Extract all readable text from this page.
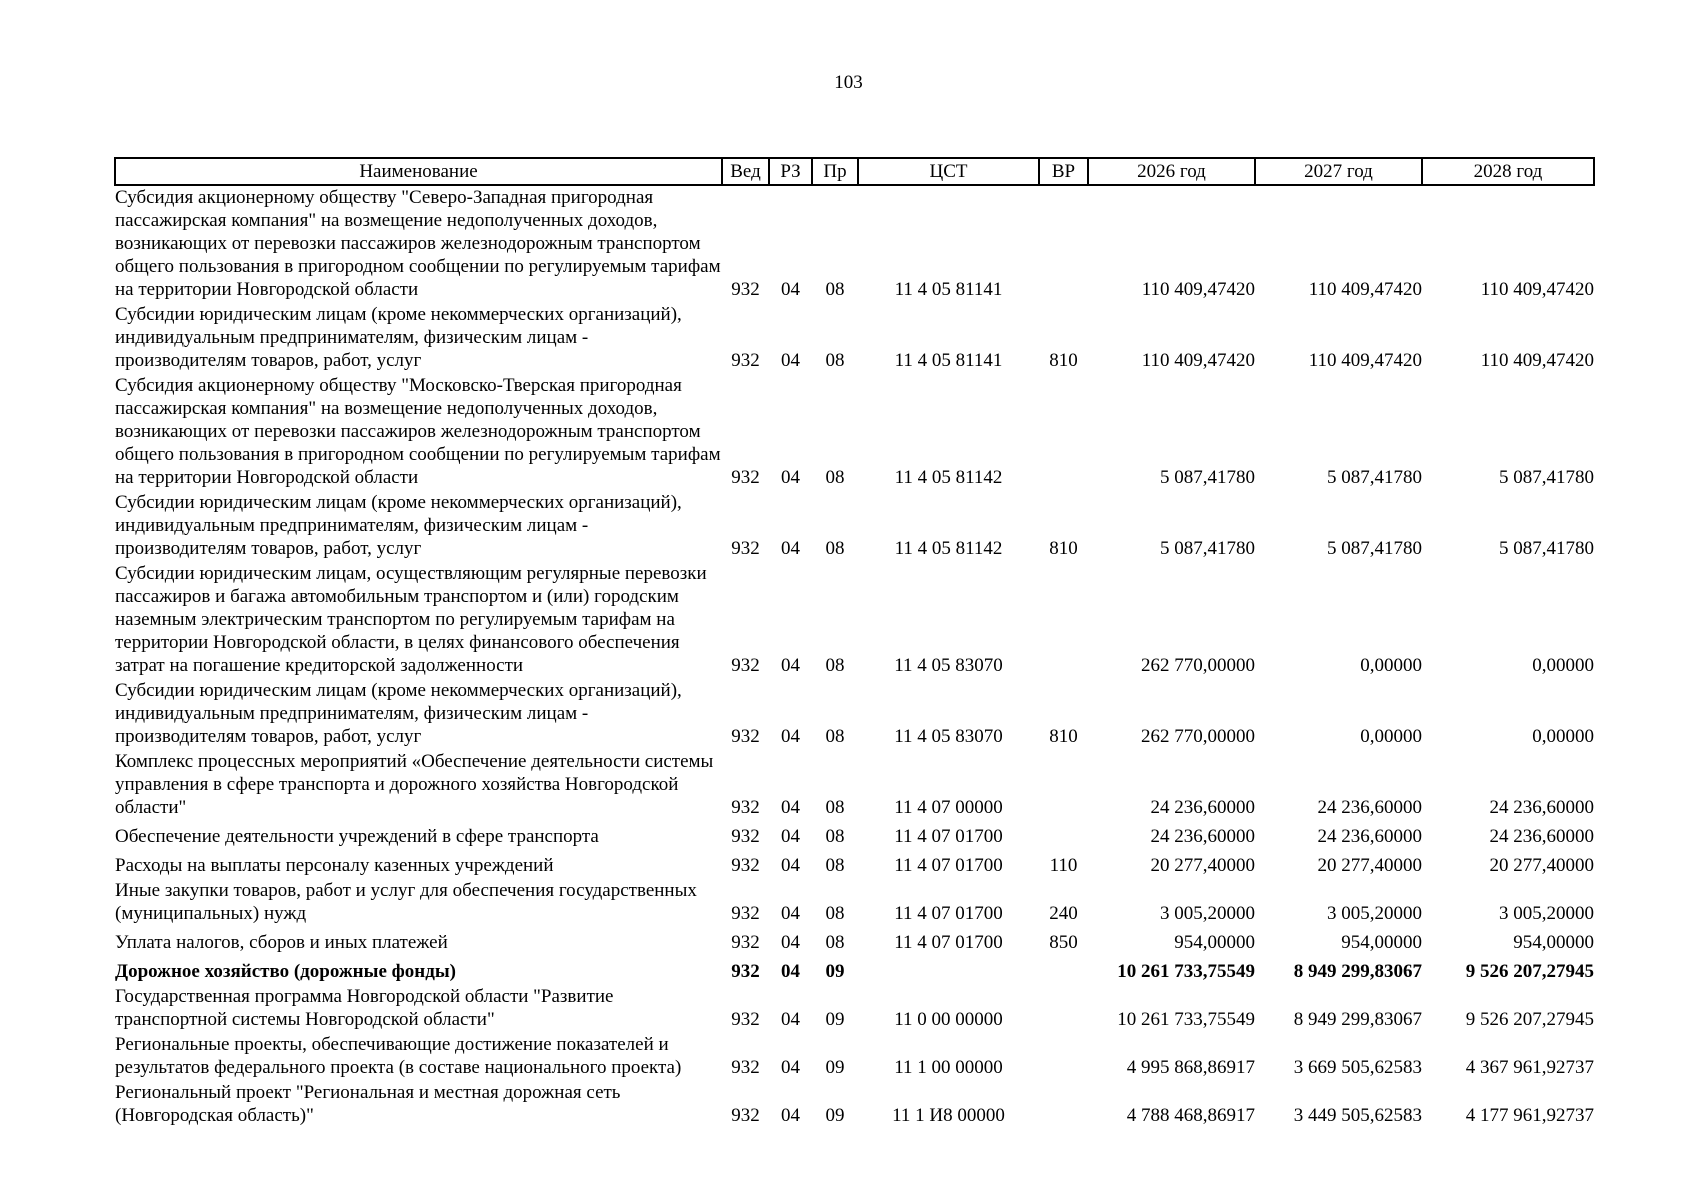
103
Наименование	Вед	РЗ	Пр	ЦСТ	ВР	2026 год	2027 год	2028 год
Субсидия акционерному обществу "Северо-Западная пригородная пассажирская компания" на возмещение недополученных доходов, возникающих от перевозки пассажиров железнодорожным транспортом общего пользования в пригородном сообщении по регулируемым тарифам на территории Новгородской области	932	04	08	11 4 05 81141		110 409,47420	110 409,47420	110 409,47420
Субсидии юридическим лицам (кроме некоммерческих организаций), индивидуальным предпринимателям, физическим лицам - производителям товаров, работ, услуг	932	04	08	11 4 05 81141	810	110 409,47420	110 409,47420	110 409,47420
Субсидия акционерному обществу "Московско-Тверская пригородная пассажирская компания" на возмещение недополученных доходов, возникающих от перевозки пассажиров железнодорожным транспортом общего пользования в пригородном сообщении по регулируемым тарифам на территории Новгородской области	932	04	08	11 4 05 81142		5 087,41780	5 087,41780	5 087,41780
Субсидии юридическим лицам (кроме некоммерческих организаций), индивидуальным предпринимателям, физическим лицам - производителям товаров, работ, услуг	932	04	08	11 4 05 81142	810	5 087,41780	5 087,41780	5 087,41780
Субсидии юридическим лицам, осуществляющим регулярные перевозки пассажиров и багажа автомобильным транспортом и (или) городским наземным электрическим транспортом по регулируемым тарифам на территории Новгородской области, в целях финансового обеспечения затрат на погашение кредиторской задолженности	932	04	08	11 4 05 83070		262 770,00000	0,00000	0,00000
Субсидии юридическим лицам (кроме некоммерческих организаций), индивидуальным предпринимателям, физическим лицам - производителям товаров, работ, услуг	932	04	08	11 4 05 83070	810	262 770,00000	0,00000	0,00000
Комплекс процессных мероприятий «Обеспечение деятельности системы управления в сфере транспорта и дорожного хозяйства Новгородской области"	932	04	08	11 4 07 00000		24 236,60000	24 236,60000	24 236,60000
Обеспечение деятельности учреждений в сфере транспорта	932	04	08	11 4 07 01700		24 236,60000	24 236,60000	24 236,60000
Расходы на выплаты персоналу казенных учреждений	932	04	08	11 4 07 01700	110	20 277,40000	20 277,40000	20 277,40000
Иные закупки товаров, работ и услуг для обеспечения государственных (муниципальных) нужд	932	04	08	11 4 07 01700	240	3 005,20000	3 005,20000	3 005,20000
Уплата налогов, сборов и иных платежей	932	04	08	11 4 07 01700	850	954,00000	954,00000	954,00000
Дорожное хозяйство (дорожные фонды)	932	04	09			10 261 733,75549	8 949 299,83067	9 526 207,27945
Государственная программа Новгородской области "Развитие транспортной системы Новгородской области"	932	04	09	11 0 00 00000		10 261 733,75549	8 949 299,83067	9 526 207,27945
Региональные проекты, обеспечивающие достижение показателей и результатов федерального проекта (в составе национального проекта)	932	04	09	11 1 00 00000		4 995 868,86917	3 669 505,62583	4 367 961,92737
Региональный проект "Региональная и местная дорожная сеть (Новгородская область)"	932	04	09	11 1 И8 00000		4 788 468,86917	3 449 505,62583	4 177 961,92737
